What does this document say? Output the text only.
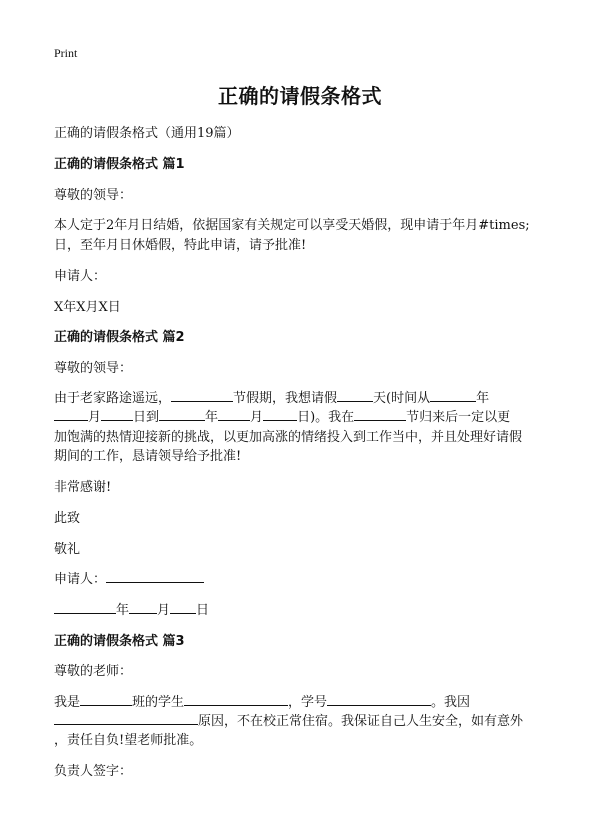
Print
正确的请假条格式
正确的请假条格式（通用19篇）
正确的请假条格式 篇1
尊敬的领导：
本人定于2年月日结婚，依据国家有关规定可以享受天婚假，现申请于年月#times;
日，至年月日休婚假，特此申请，请予批准!
申请人：
X年X月X日
正确的请假条格式 篇2
尊敬的领导：
由于老家路途遥远，	节假期，我想请假	天(时间从	年
月 日到	年 月	日)。我在	节归来后一定以更
加饱满的热情迎接新的挑战，以更加高涨的情绪投入到工作当中，并且处理好请假
期间的工作，恳请领导给予批准!
非常感谢!
此致
敬礼
申请人：
年 月 日
正确的请假条格式 篇3
尊敬的老师：
我是	班的学生	，学号	。我因
原因，不在校正常住宿。我保证自己人生安全，如有意外
，责任自负!望老师批准。
负责人签字：
